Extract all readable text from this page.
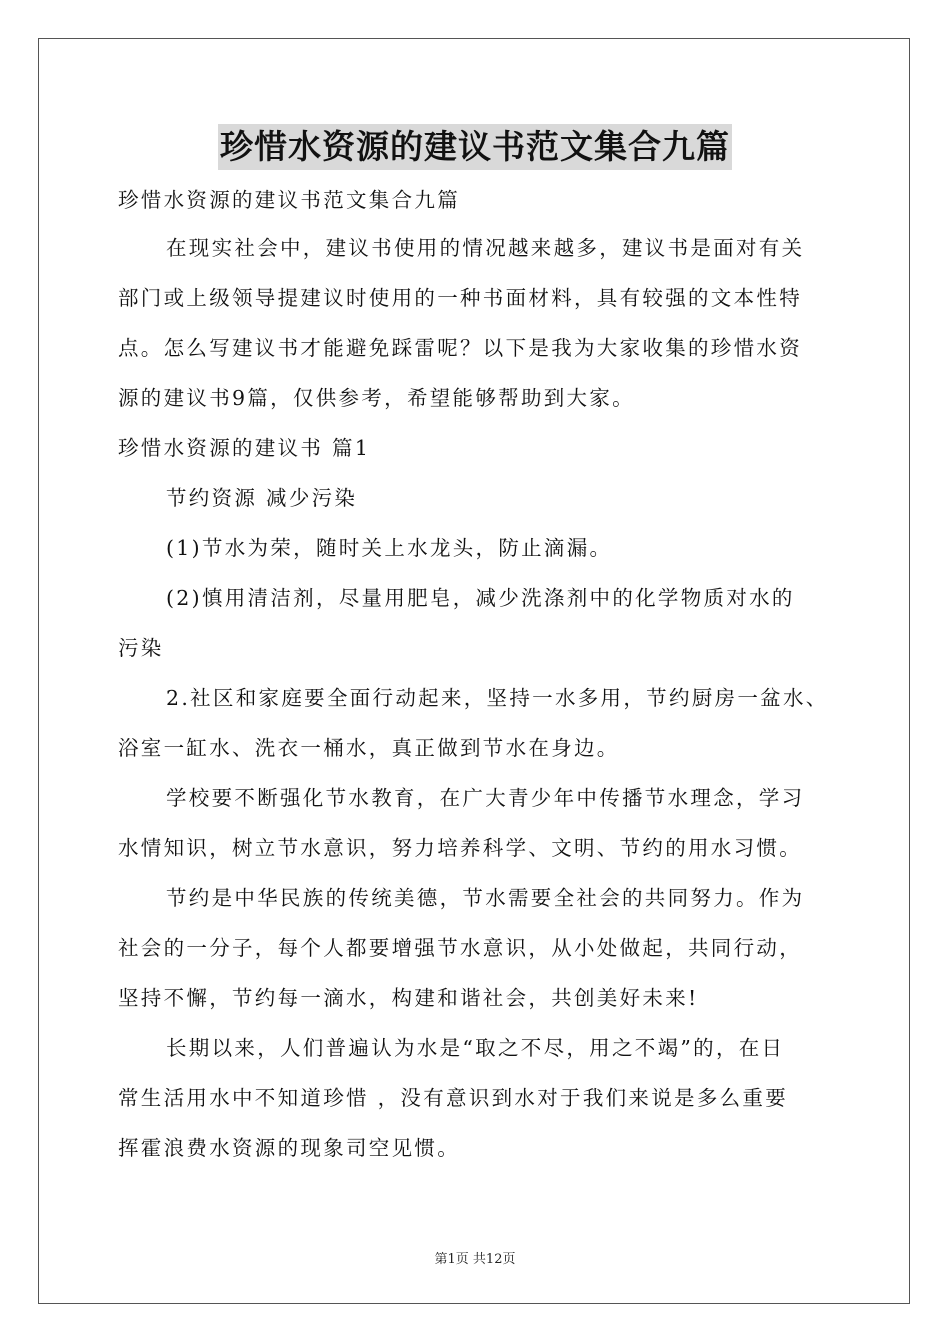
珍惜水资源的建议书范文集合九篇
珍惜水资源的建议书范文集合九篇
在现实社会中，建议书使用的情况越来越多，建议书是面对有关
部门或上级领导提建议时使用的一种书面材料，具有较强的文本性特
点。怎么写建议书才能避免踩雷呢？以下是我为大家收集的珍惜水资
源的建议书9篇，仅供参考，希望能够帮助到大家。
珍惜水资源的建议书 篇1
节约资源 减少污染
(1)节水为荣，随时关上水龙头，防止滴漏。
(2)慎用清洁剂，尽量用肥皂，减少洗涤剂中的化学物质对水的
污染
2.社区和家庭要全面行动起来，坚持一水多用，节约厨房一盆水、
浴室一缸水、洗衣一桶水，真正做到节水在身边。
学校要不断强化节水教育，在广大青少年中传播节水理念，学习
水情知识，树立节水意识，努力培养科学、文明、节约的用水习惯。
节约是中华民族的传统美德，节水需要全社会的共同努力。作为
社会的一分子，每个人都要增强节水意识，从小处做起，共同行动，
坚持不懈，节约每一滴水，构建和谐社会，共创美好未来!
长期以来，人们普遍认为水是“取之不尽，用之不竭”的，在日
常生活用水中不知道珍惜 ，没有意识到水对于我们来说是多么重要
挥霍浪费水资源的现象司空见惯。
第1页 共12页
